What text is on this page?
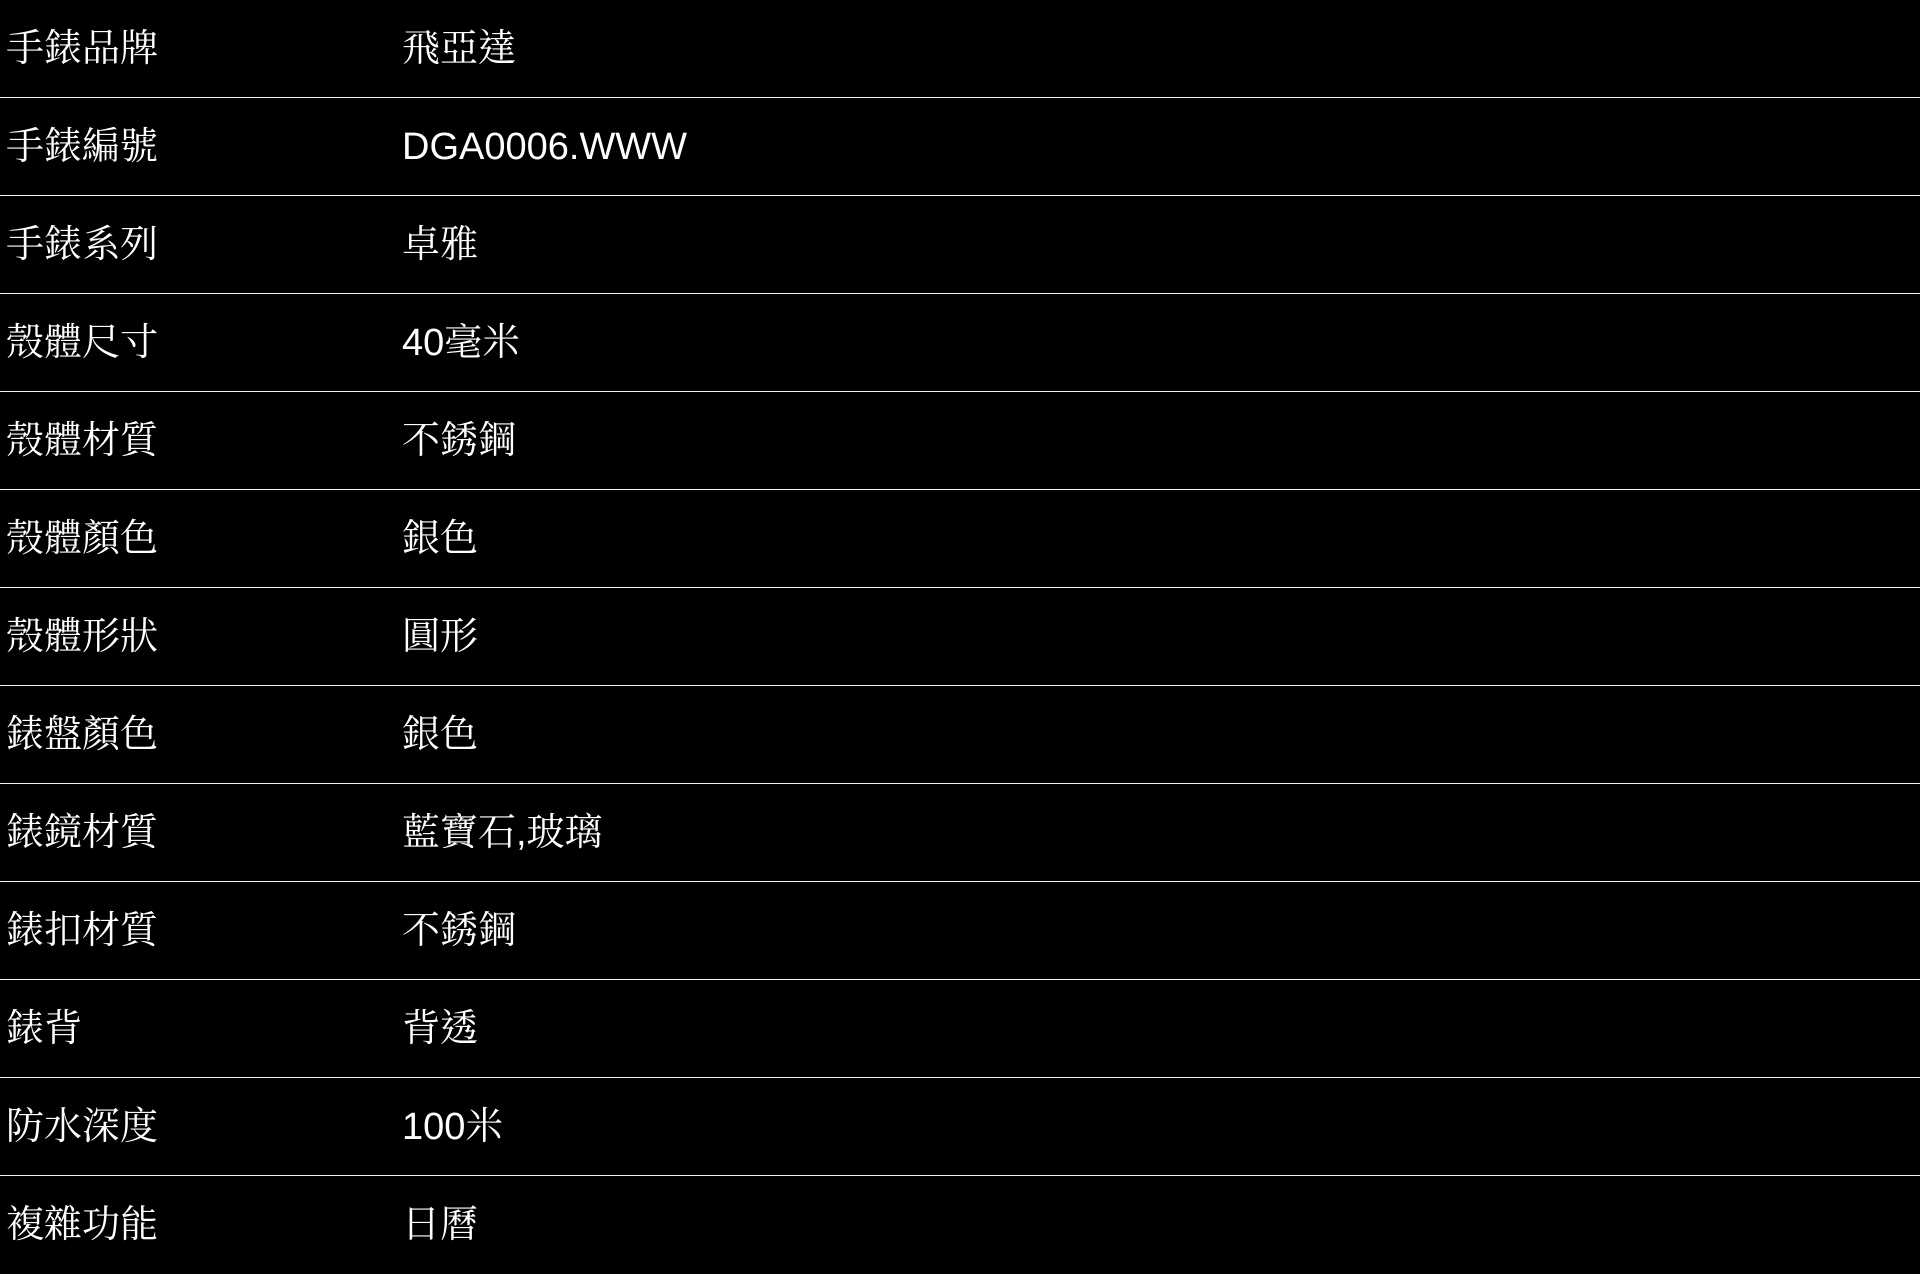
手錶品牌	飛亞達
手錶編號	DGA0006.WWW
手錶系列	卓雅
殼體尺寸	40毫米
殼體材質	不銹鋼
殼體顏色	銀色
殼體形狀	圓形
錶盤顏色	銀色
錶鏡材質	藍寶石,玻璃
錶扣材質	不銹鋼
錶背	背透
防水深度	100米
複雜功能	日曆
